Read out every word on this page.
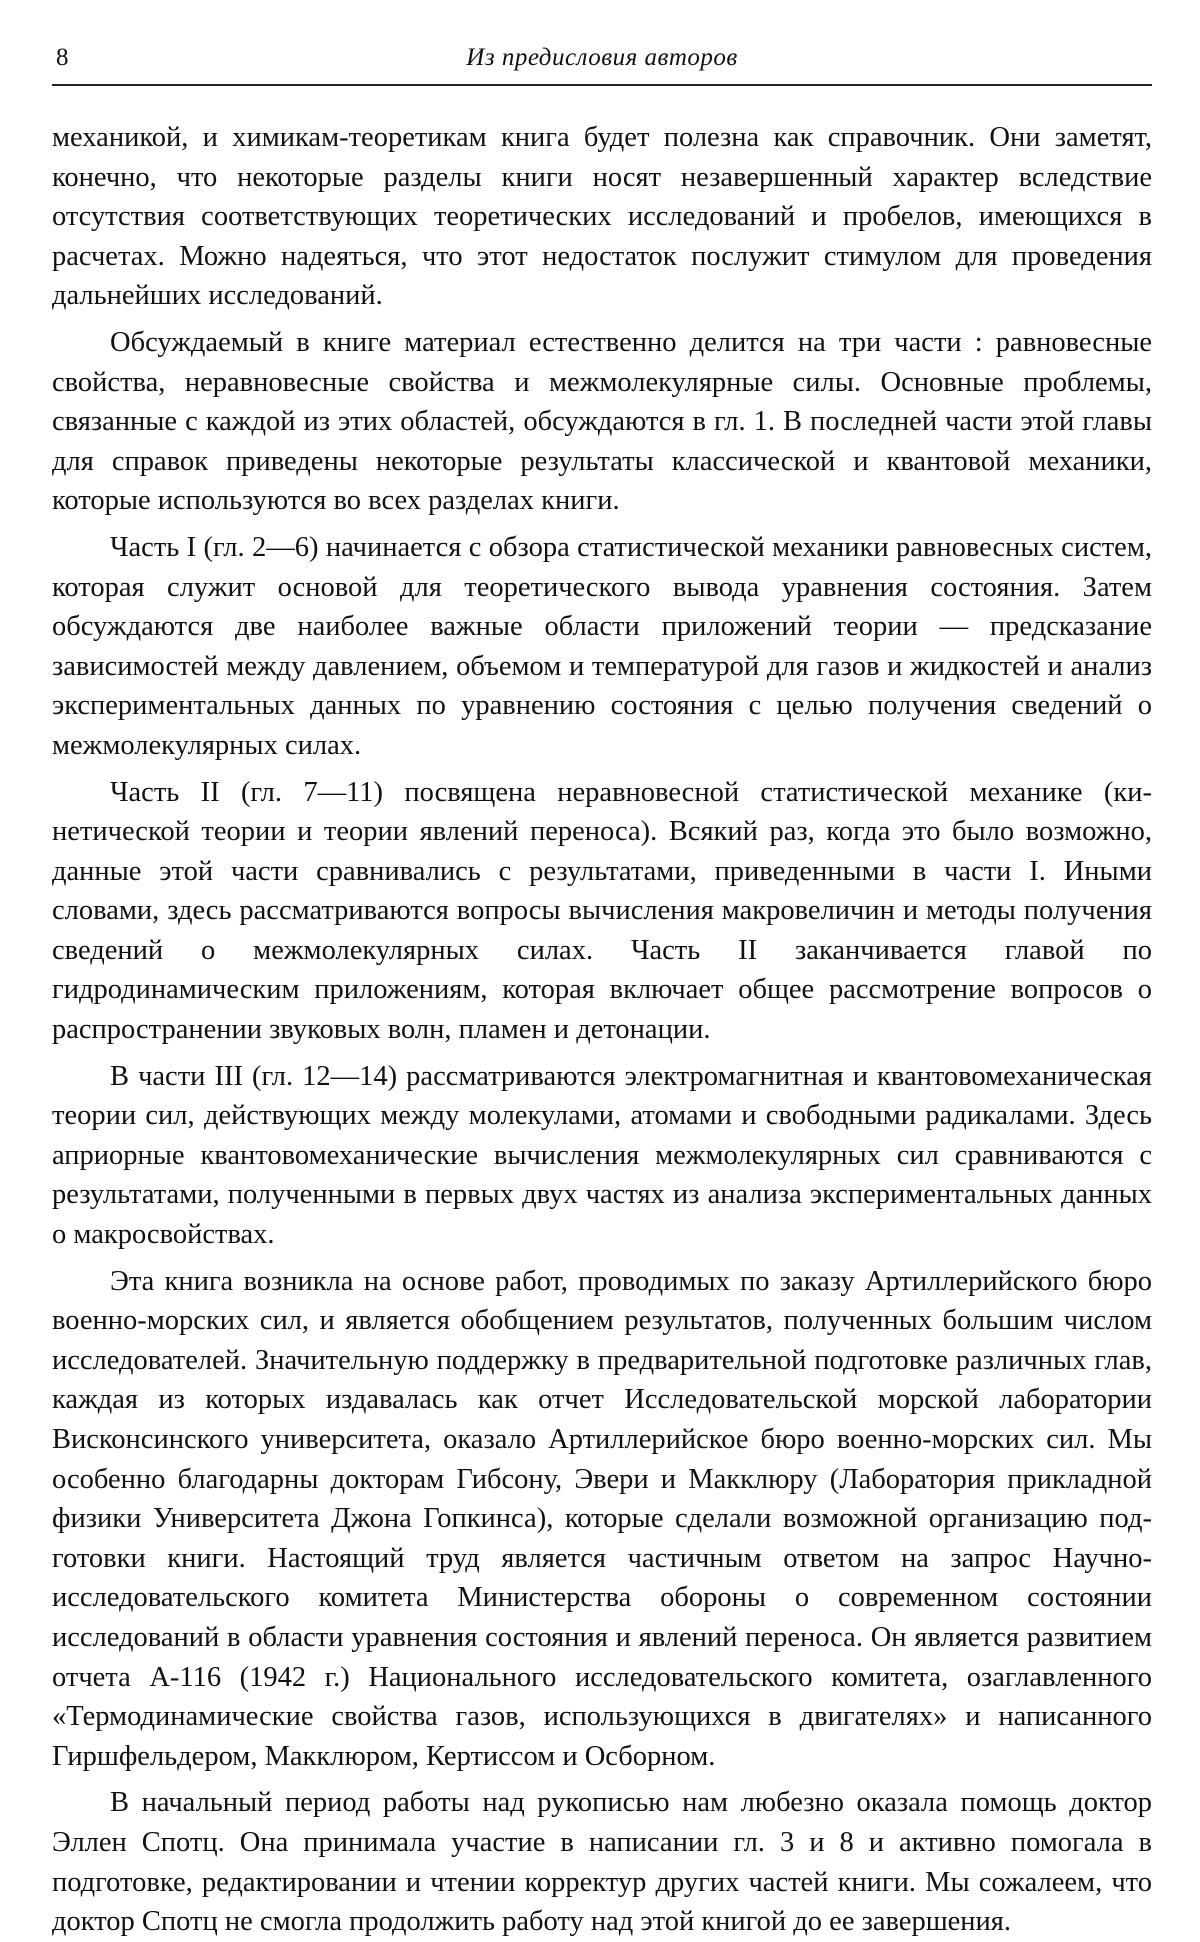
8	Из предисловия авторов

механикой, и химикам-теоретикам книга будет полезна как справочник. Они заметят, конечно, что некоторые разделы книги носят незавершенный характер вследствие отсутствия соответствующих теоретических исследований и пробелов, имеющихся в расчетах. Можно надеяться, что этот недостаток послужит стимулом для проведения дальнейших исследований.

Обсуждаемый в книге материал естественно делится на три части : равновесные свойства, неравновесные свойства и межмолекулярные силы. Основные проблемы, связанные с каждой из этих областей, обсуждаются в гл. 1. В последней части этой главы для справок приведены некоторые результаты классической и квантовой механики, которые используются во всех разделах книги.

Часть I (гл. 2—6) начинается с обзора статистической механики равновесных систем, которая служит основой для теоретического вывода уравнения состояния. Затем обсуждаются две наиболее важные области приложений теории — предсказание зависимостей между давлением, объемом и температурой для газов и жидкостей и анализ экспериментальных данных по уравнению состояния с целью получения сведений о межмолекулярных силах.

Часть II (гл. 7—11) посвящена неравновесной статистической механике (кинетической теории и теории явлений переноса). Всякий раз, когда это было возможно, данные этой части сравнивались с результатами, приведенными в части I. Иными словами, здесь рассматриваются вопросы вычисления макровеличин и методы получения сведений о межмолекулярных силах. Часть II заканчивается главой по гидродинамическим приложениям, которая включает общее рассмотрение вопросов о распространении звуковых волн, пламен и детонации.

В части III (гл. 12—14) рассматриваются электромагнитная и квантовомеханическая теории сил, действующих между молекулами, атомами и свободными радикалами. Здесь априорные квантовомеханические вычисления межмолекулярных сил сравниваются с результатами, полученными в первых двух частях из анализа экспериментальных данных о макросвойствах.

Эта книга возникла на основе работ, проводимых по заказу Артиллерийского бюро военно-морских сил, и является обобщением результатов, полученных большим числом исследователей. Значительную поддержку в предварительной подготовке различных глав, каждая из которых издавалась как отчет Исследовательской морской лаборатории Висконсинского университета, оказало Артиллерийское бюро военно-морских сил. Мы особенно благодарны докторам Гибсону, Эвери и Макклюру (Лаборатория прикладной физики Университета Джона Гопкинса), которые сделали возможной организацию подготовки книги. Настоящий труд является частичным ответом на запрос Научно-исследовательского комитета Министерства обороны о современном состоянии исследований в области уравнения состояния и явлений переноса. Он является развитием отчета А-116 (1942 г.) Национального исследовательского комитета, озаглавленного «Термодинамические свойства газов, использующихся в двигателях» и написанного Гиршфельдером, Макклюром, Кертиссом и Осборном.

В начальный период работы над рукописью нам любезно оказала помощь доктор Эллен Спотц. Она принимала участие в написании гл. 3 и 8 и активно помогала в подготовке, редактировании и чтении корректур других частей книги. Мы сожалеем, что доктор Спотц не смогла продолжить работу над этой книгой до ее завершения.
